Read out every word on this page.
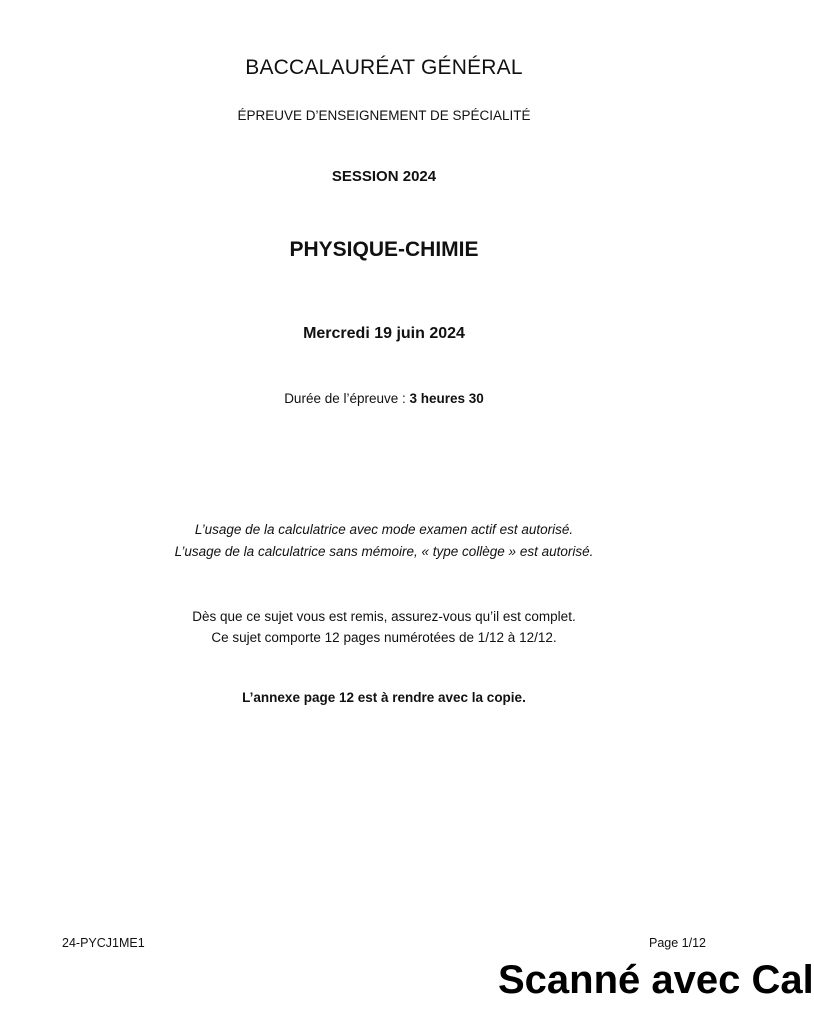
BACCALAURÉAT GÉNÉRAL
ÉPREUVE D’ENSEIGNEMENT DE SPÉCIALITÉ
SESSION 2024
PHYSIQUE-CHIMIE
Mercredi 19 juin 2024
Durée de l’épreuve : 3 heures 30
L’usage de la calculatrice avec mode examen actif est autorisé.
L’usage de la calculatrice sans mémoire, « type collège » est autorisé.
Dès que ce sujet vous est remis, assurez-vous qu’il est complet.
Ce sujet comporte 12 pages numérotées de 1/12 à 12/12.
L’annexe page 12 est à rendre avec la copie.
24-PYCJ1ME1	Page 1/12
Scanné avec Cal
